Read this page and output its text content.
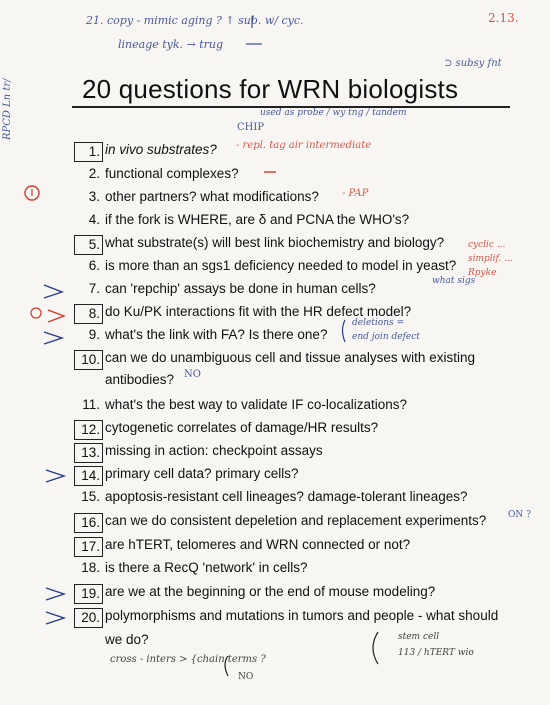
21. copy - mimic aging ? ↑ sub. w/ cyc.
lineage tyk. → trug
2.13.
⊃ subsy fnt
RPCD Ln tr/	20 questions for WRN biologists
used as probe / wy tng / tandem
CHIP
1. in vivo substrates? - repl. tag air intermediate
2. functional complexes?
3. other partners? what modifications? - PAP
4. if the fork is WHERE, are δ and PCNA the WHO's?
5. what substrate(s) will best link biochemistry and biology?
6. is more than an sgs1 deficiency needed to model in yeast?
7. can 'repchip' assays be done in human cells?	what sigs
8. do Ku/PK interactions fit with the HR defect model?
9. what's the link with FA? Is there one?
deletions =
end join defect
10. can we do unambiguous cell and tissue analyses with existing
antibodies? NO
11. what's the best way to validate IF co-localizations?
12. cytogenetic correlates of damage/HR results?
13. missing in action: checkpoint assays
14. primary cell data? primary cells?
15. apoptosis-resistant cell lineages? damage-tolerant lineages?
16. can we do consistent depeletion and replacement experiments? ON ?
17. are hTERT, telomeres and WRN connected or not?
18. is there a RecQ 'network' in cells?
19. are we at the beginning or the end of mouse modeling?
20. polymorphisms and mutations in tumors and people - what should
we do?
cross - inters > {chain terms ?
NO
stem cell
113 / hTERT wio
cyclic ... simplif. ... Rpyke
